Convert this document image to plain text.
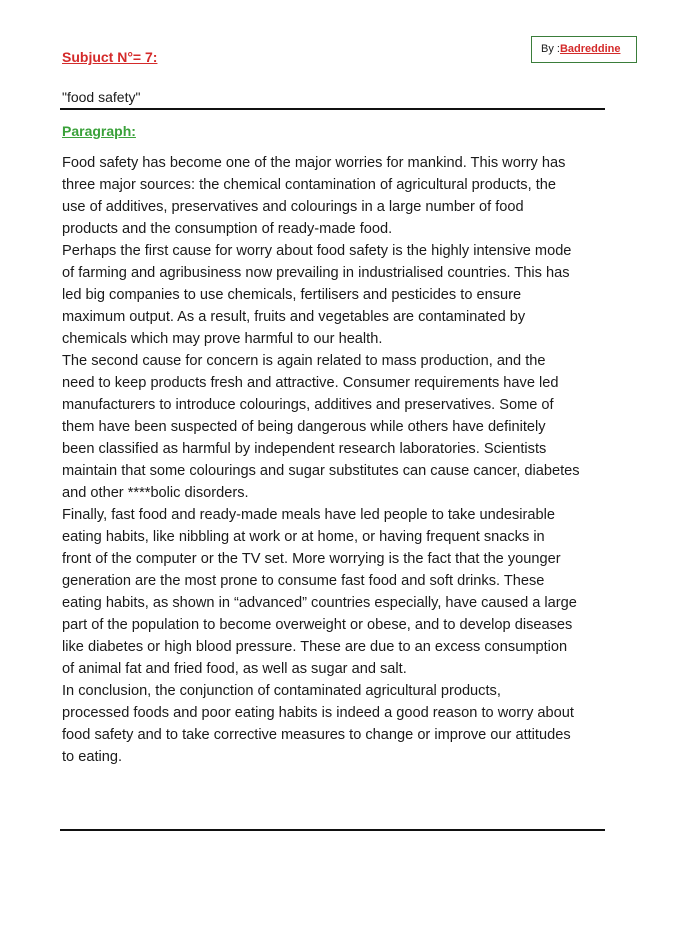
By :Badreddine
Subjuct N°= 7:
"food safety"
Paragraph:
Food safety has become one of the major worries for mankind. This worry has
three major sources: the chemical contamination of agricultural products, the
use of additives, preservatives and colourings in a large number of food
products and the consumption of ready-made food.
Perhaps the first cause for worry about food safety is the highly intensive mode
of farming and agribusiness now prevailing in industrialised countries. This has
led big companies to use chemicals, fertilisers and pesticides to ensure
maximum output. As a result, fruits and vegetables are contaminated by
chemicals which may prove harmful to our health.
The second cause for concern is again related to mass production, and the
need to keep products fresh and attractive. Consumer requirements have led
manufacturers to introduce colourings, additives and preservatives. Some of
them have been suspected of being dangerous while others have definitely
been classified as harmful by independent research laboratories. Scientists
maintain that some colourings and sugar substitutes can cause cancer, diabetes
and other ****bolic disorders.
Finally, fast food and ready-made meals have led people to take undesirable
eating habits, like nibbling at work or at home, or having frequent snacks in
front of the computer or the TV set. More worrying is the fact that the younger
generation are the most prone to consume fast food and soft drinks. These
eating habits, as shown in “advanced” countries especially, have caused a large
part of the population to become overweight or obese, and to develop diseases
like diabetes or high blood pressure. These are due to an excess consumption
of animal fat and fried food, as well as sugar and salt.
In conclusion, the conjunction of contaminated agricultural products,
processed foods and poor eating habits is indeed a good reason to worry about
food safety and to take corrective measures to change or improve our attitudes
to eating.
